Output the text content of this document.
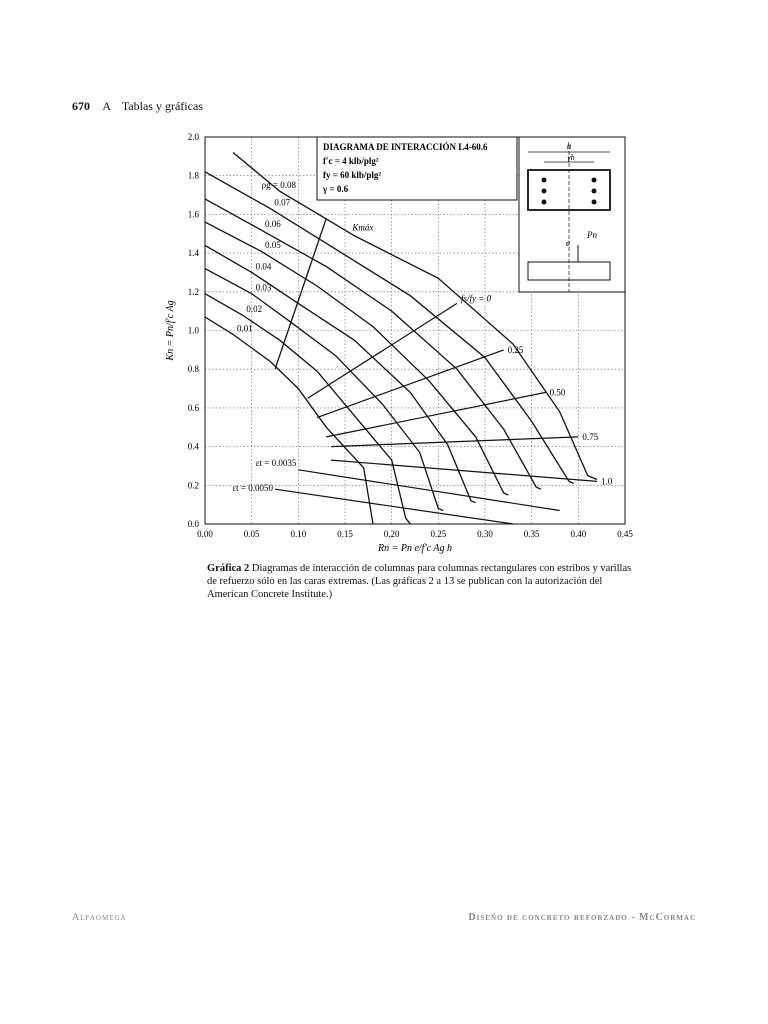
670 A Tablas y gráficas
0.00	0.05	0.10	0.15	0.20	0.25	0.30	0.35	0.40	0.45
0.0
0.2
0.4
0.6
0.8
1.0
1.2
1.4
1.6
1.8
2.0
ρg = 0.08
0.07
0.06
0.05
0.04
0.03
0.02
0.01
fs/fy = 0
0.25
0.50
0.75
1.0
Kmáx
εt = 0.0035
εt = 0.0050
Rn = Pn e/f′c Ag h
Kn = Pn/f′c Ag
DIAGRAMA DE INTERACCIÓN L4-60.6
f′c = 4 klb/plg²
fy = 60 klb/plg²
γ = 0.6
h
γh
e
Pn
Gráfica 2 Diagramas de interacción de columnas para columnas rectangulares con estribos y varillas de refuerzo sólo en las caras extremas. (Las gráficas 2 a 13 se publican con la autorización del American Concrete Institute.)
Alfaomega	Diseño de concreto reforzado - McCormac
